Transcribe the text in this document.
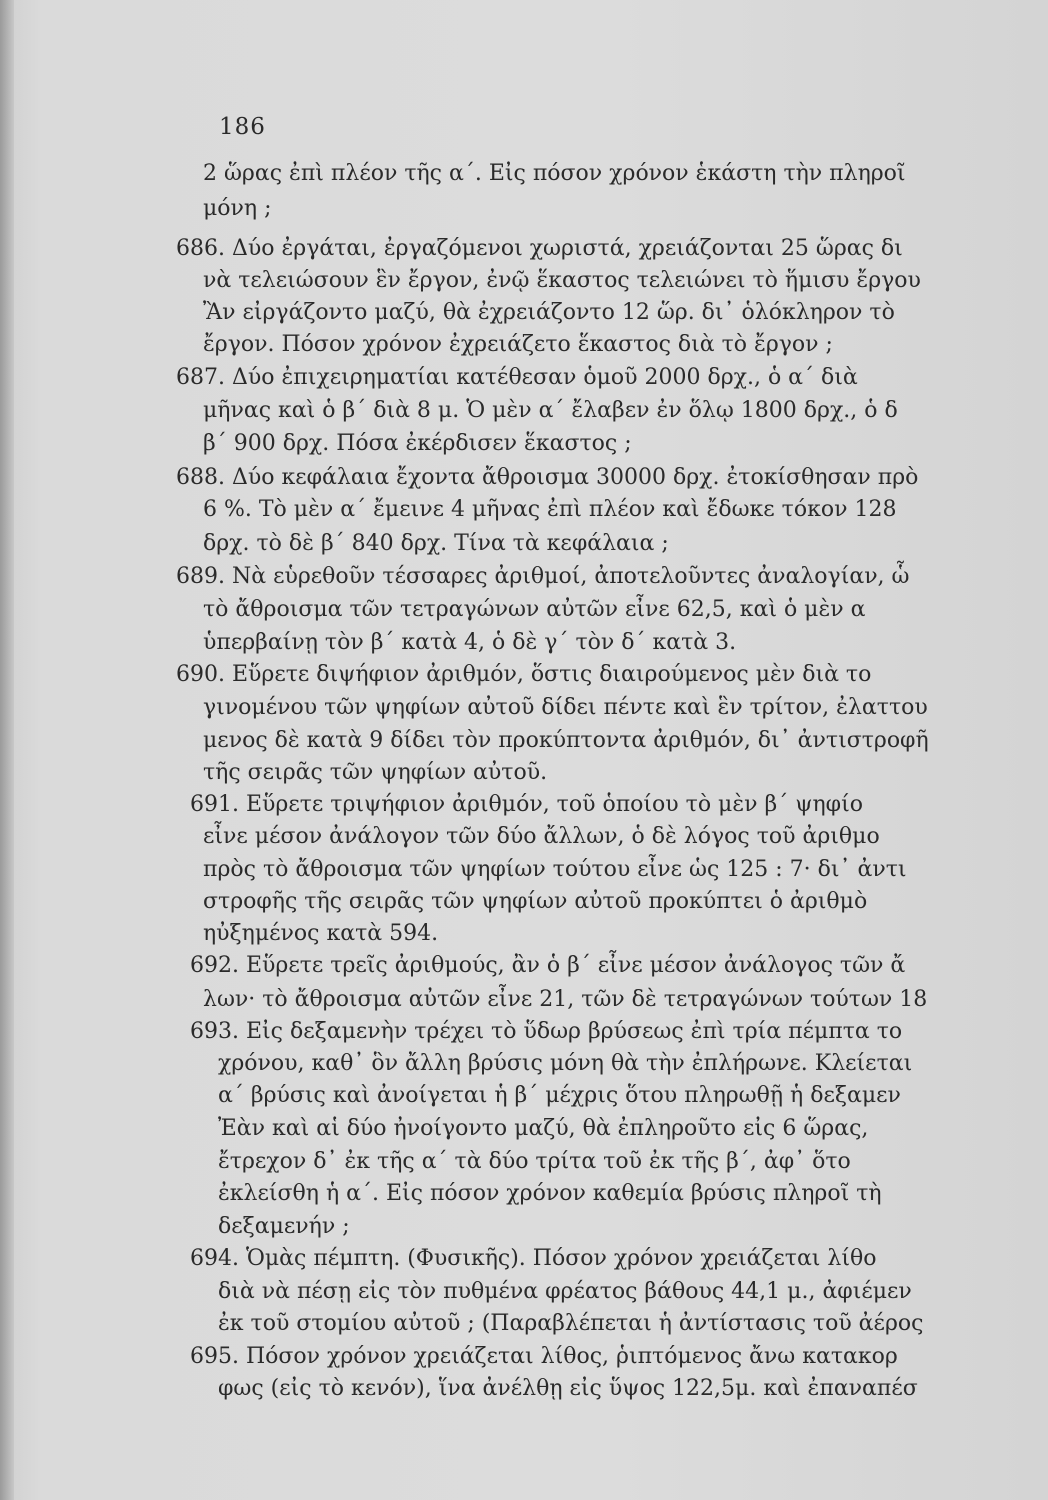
186
2 ὥρας ἐπὶ πλέον τῆς α΄. Εἰς πόσον χρόνον ἑκάστη τὴν πληροῖ
μόνη ;
686. Δύο ἐργάται, ἐργαζόμενοι χωριστά, χρειάζονται 25 ὥρας δι
νὰ τελειώσουν ἓν ἔργον, ἐνῷ ἕκαστος τελειώνει τὸ ἥμισυ ἔργου
Ἂν εἰργάζοντο μαζύ, θὰ ἐχρειάζοντο 12 ὥρ. δι᾽ ὁλόκληρον τὸ
ἔργον. Πόσον χρόνον ἐχρειάζετο ἕκαστος διὰ τὸ ἔργον ;
687. Δύο ἐπιχειρηματίαι κατέθεσαν ὁμοῦ 2000 δρχ., ὁ α΄ διὰ
μῆνας καὶ ὁ β΄ διὰ 8 μ. Ὁ μὲν α΄ ἔλαβεν ἐν ὅλῳ 1800 δρχ., ὁ δ
β΄ 900 δρχ. Πόσα ἐκέρδισεν ἕκαστος ;
688. Δύο κεφάλαια ἔχοντα ἄθροισμα 30000 δρχ. ἐτοκίσθησαν πρὸ
6 %. Τὸ μὲν α΄ ἔμεινε 4 μῆνας ἐπὶ πλέον καὶ ἔδωκε τόκον 128
δρχ. τὸ δὲ β΄ 840 δρχ. Τίνα τὰ κεφάλαια ;
689. Νὰ εὑρεθοῦν τέσσαρες ἀριθμοί, ἀποτελοῦντες ἀναλογίαν, ὧ
τὸ ἄθροισμα τῶν τετραγώνων αὐτῶν εἶνε 62,5, καὶ ὁ μὲν α
ὑπερβαίνῃ τὸν β΄ κατὰ 4, ὁ δὲ γ΄ τὸν δ΄ κατὰ 3.
690. Εὕρετε διψήφιον ἀριθμόν, ὅστις διαιρούμενος μὲν διὰ το
γινομένου τῶν ψηφίων αὐτοῦ δίδει πέντε καὶ ἓν τρίτον, ἐλαττου
μενος δὲ κατὰ 9 δίδει τὸν προκύπτοντα ἀριθμόν, δι᾽ ἀντιστροφῆ
τῆς σειρᾶς τῶν ψηφίων αὐτοῦ.
691. Εὕρετε τριψήφιον ἀριθμόν, τοῦ ὁποίου τὸ μὲν β΄ ψηφίο
εἶνε μέσον ἀνάλογον τῶν δύο ἄλλων, ὁ δὲ λόγος τοῦ ἀριθμο
πρὸς τὸ ἄθροισμα τῶν ψηφίων τούτου εἶνε ὡς 125 : 7· δι᾽ ἀντι
στροφῆς τῆς σειρᾶς τῶν ψηφίων αὐτοῦ προκύπτει ὁ ἀριθμὸ
ηὐξημένος κατὰ 594.
692. Εὕρετε τρεῖς ἀριθμούς, ἂν ὁ β΄ εἶνε μέσον ἀνάλογος τῶν ἄ
λων· τὸ ἄθροισμα αὐτῶν εἶνε 21, τῶν δὲ τετραγώνων τούτων 18
693. Εἰς δεξαμενὴν τρέχει τὸ ὕδωρ βρύσεως ἐπὶ τρία πέμπτα το
χρόνου, καθ᾽ ὃν ἄλλη βρύσις μόνη θὰ τὴν ἐπλήρωνε. Κλείεται
α΄ βρύσις καὶ ἀνοίγεται ἡ β΄ μέχρις ὅτου πληρωθῇ ἡ δεξαμεν
Ἐὰν καὶ αἱ δύο ἠνοίγοντο μαζύ, θὰ ἐπληροῦτο εἰς 6 ὥρας,
ἔτρεχον δ᾽ ἐκ τῆς α΄ τὰ δύο τρίτα τοῦ ἐκ τῆς β΄, ἀφ᾽ ὅτο
ἐκλείσθη ἡ α΄. Εἰς πόσον χρόνον καθεμία βρύσις πληροῖ τὴ
δεξαμενήν ;
694. Ὁμὰς πέμπτη. (Φυσικῆς). Πόσον χρόνον χρειάζεται λίθο
διὰ νὰ πέσῃ εἰς τὸν πυθμένα φρέατος βάθους 44,1 μ., ἀφιέμεν
ἐκ τοῦ στομίου αὐτοῦ ; (Παραβλέπεται ἡ ἀντίστασις τοῦ ἀέρος
695. Πόσον χρόνον χρειάζεται λίθος, ῥιπτόμενος ἄνω κατακορ
φως (εἰς τὸ κενόν), ἵνα ἀνέλθῃ εἰς ὕψος 122,5μ. καὶ ἐπαναπέσ
